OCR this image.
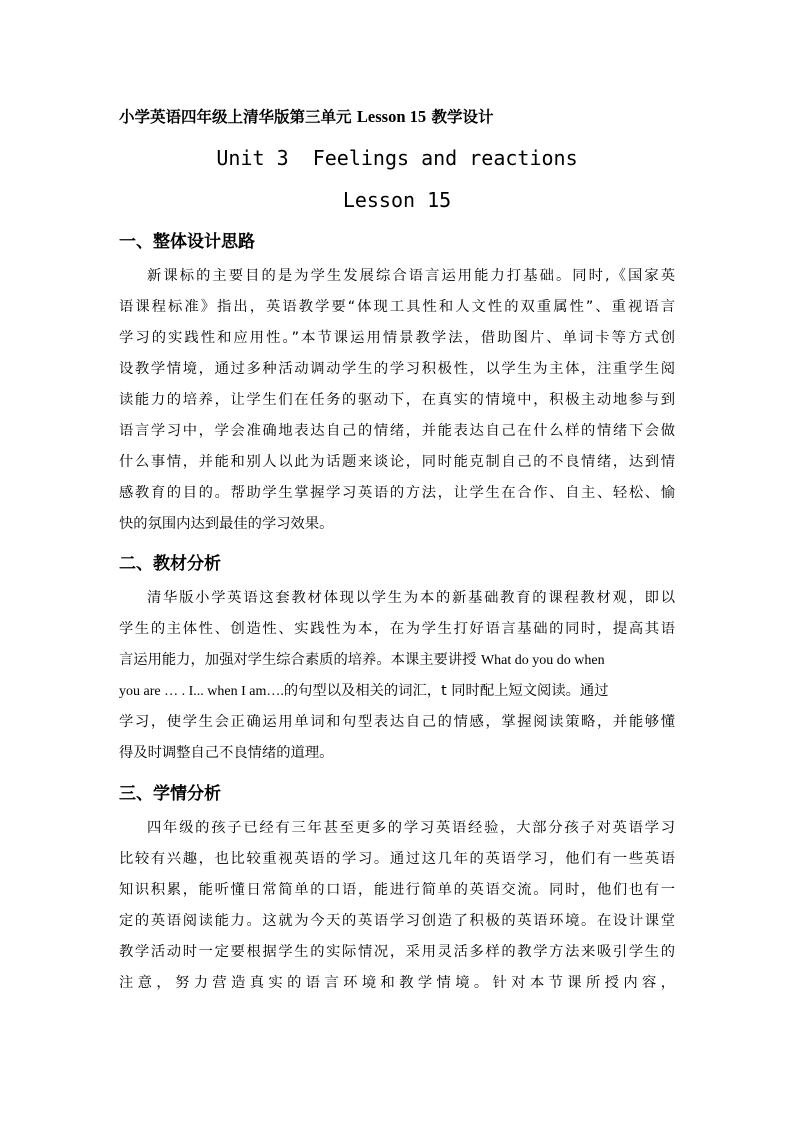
小学英语四年级上清华版第三单元 Lesson 15 教学设计
Unit 3  Feelings and reactions
Lesson 15
一、整体设计思路
新课标的主要目的是为学生发展综合语言运用能力打基础。同时,《国家英
语课程标准》指出，英语教学要“体现工具性和人文性的双重属性”、重视语言
学习的实践性和应用性。”本节课运用情景教学法，借助图片、单词卡等方式创
设教学情境，通过多种活动调动学生的学习积极性，以学生为主体，注重学生阅
读能力的培养，让学生们在任务的驱动下，在真实的情境中，积极主动地参与到
语言学习中，学会准确地表达自己的情绪，并能表达自己在什么样的情绪下会做
什么事情，并能和别人以此为话题来谈论，同时能克制自己的不良情绪，达到情
感教育的目的。帮助学生掌握学习英语的方法，让学生在合作、自主、轻松、愉
快的氛围内达到最佳的学习效果。
二、教材分析
清华版小学英语这套教材体现以学生为本的新基础教育的课程教材观，即以
学生的主体性、创造性、实践性为本，在为学生打好语言基础的同时，提高其语
言运用能力，加强对学生综合素质的培养。本课主要讲授 What do you do when
you are … . I... when I am….的句型以及相关的词汇，t 同时配上短文阅读。通过
学习，使学生会正确运用单词和句型表达自己的情感，掌握阅读策略，并能够懂
得及时调整自己不良情绪的道理。
三、学情分析
四年级的孩子已经有三年甚至更多的学习英语经验，大部分孩子对英语学习
比较有兴趣，也比较重视英语的学习。通过这几年的英语学习，他们有一些英语
知识积累，能听懂日常简单的口语，能进行简单的英语交流。同时，他们也有一
定的英语阅读能力。这就为今天的英语学习创造了积极的英语环境。在设计课堂
教学活动时一定要根据学生的实际情况，采用灵活多样的教学方法来吸引学生的
注意，努力营造真实的语言环境和教学情境。针对本节课所授内容，
